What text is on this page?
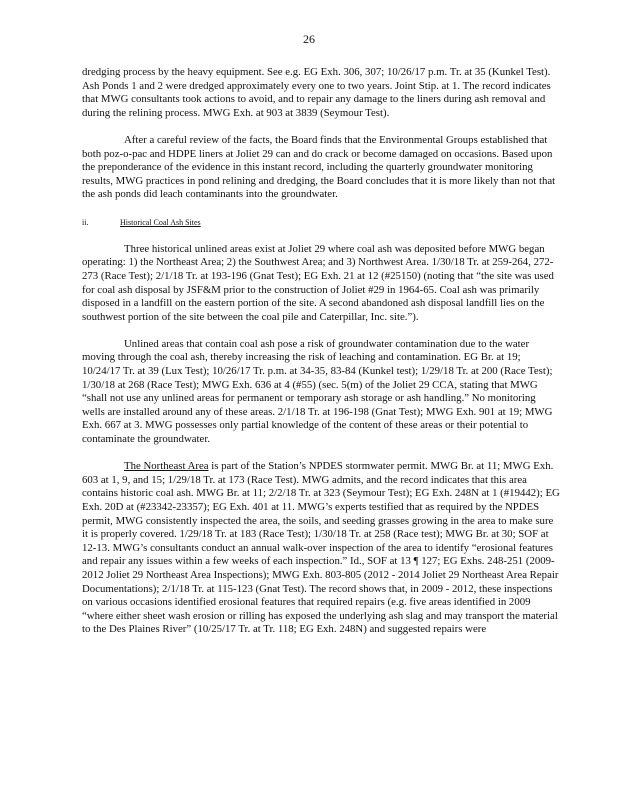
26

dredging process by the heavy equipment. See e.g. EG Exh. 306, 307; 10/26/17 p.m. Tr. at 35 (Kunkel Test). Ash Ponds 1 and 2 were dredged approximately every one to two years. Joint Stip. at 1. The record indicates that MWG consultants took actions to avoid, and to repair any damage to the liners during ash removal and during the relining process. MWG Exh. at 903 at 3839 (Seymour Test).

After a careful review of the facts, the Board finds that the Environmental Groups established that both poz-o-pac and HDPE liners at Joliet 29 can and do crack or become damaged on occasions. Based upon the preponderance of the evidence in this instant record, including the quarterly groundwater monitoring results, MWG practices in pond relining and dredging, the Board concludes that it is more likely than not that the ash ponds did leach contaminants into the groundwater.

ii.	Historical Coal Ash Sites

Three historical unlined areas exist at Joliet 29 where coal ash was deposited before MWG began operating: 1) the Northeast Area; 2) the Southwest Area; and 3) Northwest Area. 1/30/18 Tr. at 259-264, 272-273 (Race Test); 2/1/18 Tr. at 193-196 (Gnat Test); EG Exh. 21 at 12 (#25150) (noting that “the site was used for coal ash disposal by JSF&M prior to the construction of Joliet #29 in 1964-65. Coal ash was primarily disposed in a landfill on the eastern portion of the site. A second abandoned ash disposal landfill lies on the southwest portion of the site between the coal pile and Caterpillar, Inc. site.”).

Unlined areas that contain coal ash pose a risk of groundwater contamination due to the water moving through the coal ash, thereby increasing the risk of leaching and contamination. EG Br. at 19; 10/24/17 Tr. at 39 (Lux Test); 10/26/17 Tr. p.m. at 34-35, 83-84 (Kunkel test); 1/29/18 Tr. at 200 (Race Test); 1/30/18 at 268 (Race Test); MWG Exh. 636 at 4 (#55) (sec. 5(m) of the Joliet 29 CCA, stating that MWG “shall not use any unlined areas for permanent or temporary ash storage or ash handling.” No monitoring wells are installed around any of these areas. 2/1/18 Tr. at 196-198 (Gnat Test); MWG Exh. 901 at 19; MWG Exh. 667 at 3. MWG possesses only partial knowledge of the content of these areas or their potential to contaminate the groundwater.

The Northeast Area is part of the Station’s NPDES stormwater permit. MWG Br. at 11; MWG Exh. 603 at 1, 9, and 15; 1/29/18 Tr. at 173 (Race Test). MWG admits, and the record indicates that this area contains historic coal ash. MWG Br. at 11; 2/2/18 Tr. at 323 (Seymour Test); EG Exh. 248N at 1 (#19442); EG Exh. 20D at (#23342-23357); EG Exh. 401 at 11. MWG’s experts testified that as required by the NPDES permit, MWG consistently inspected the area, the soils, and seeding grasses growing in the area to make sure it is properly covered. 1/29/18 Tr. at 183 (Race Test); 1/30/18 Tr. at 258 (Race test); MWG Br. at 30; SOF at 12-13. MWG’s consultants conduct an annual walk-over inspection of the area to identify “erosional features and repair any issues within a few weeks of each inspection.” Id., SOF at 13 ¶ 127; EG Exhs. 248-251 (2009-2012 Joliet 29 Northeast Area Inspections); MWG Exh. 803-805 (2012 - 2014 Joliet 29 Northeast Area Repair Documentations); 2/1/18 Tr. at 115-123 (Gnat Test). The record shows that, in 2009 - 2012, these inspections on various occasions identified erosional features that required repairs (e.g. five areas identified in 2009 “where either sheet wash erosion or rilling has exposed the underlying ash slag and may transport the material to the Des Plaines River” (10/25/17 Tr. at Tr. 118; EG Exh. 248N) and suggested repairs were
